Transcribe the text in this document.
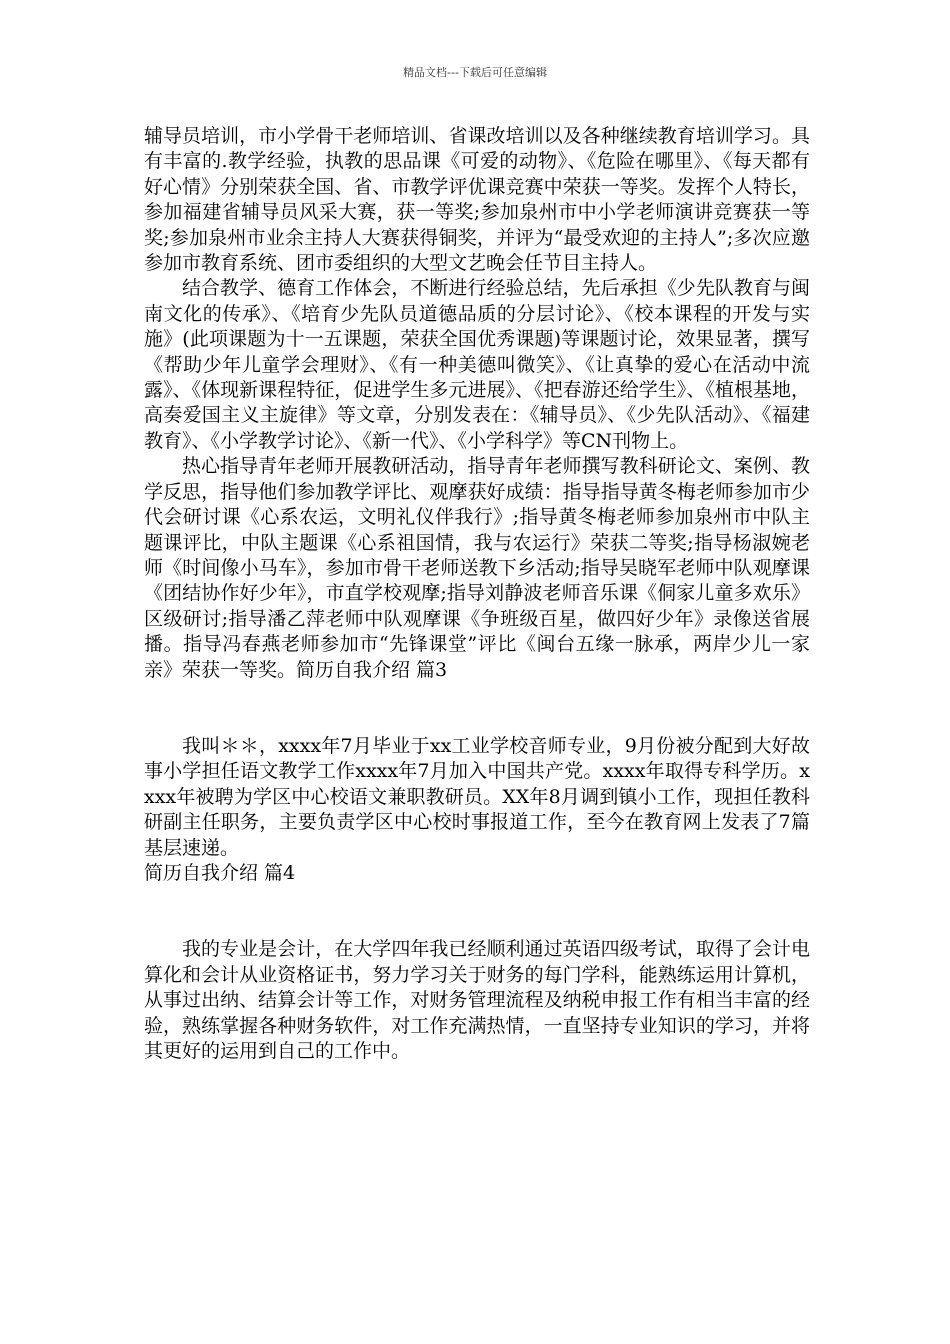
精品文档---下载后可任意编辑

辅导员培训，市小学骨干老师培训、省课改培训以及各种继续教育培训学习。具有丰富的.教学经验，执教的思品课《可爱的动物》、《危险在哪里》、《每天都有好心情》分别荣获全国、省、市教学评优课竞赛中荣获一等奖。发挥个人特长，参加福建省辅导员风采大赛，获一等奖;参加泉州市中小学老师演讲竞赛获一等奖;参加泉州市业余主持人大赛获得铜奖，并评为“最受欢迎的主持人”;多次应邀参加市教育系统、团市委组织的大型文艺晚会任节目主持人。

结合教学、德育工作体会，不断进行经验总结，先后承担《少先队教育与闽南文化的传承》、《培育少先队员道德品质的分层讨论》、《校本课程的开发与实施》(此项课题为十一五课题，荣获全国优秀课题)等课题讨论，效果显著，撰写《帮助少年儿童学会理财》、《有一种美德叫微笑》、《让真挚的爱心在活动中流露》、《体现新课程特征，促进学生多元进展》、《把春游还给学生》、《植根基地，高奏爱国主义主旋律》等文章，分别发表在：《辅导员》、《少先队活动》、《福建教育》、《小学教学讨论》、《新一代》、《小学科学》等CN刊物上。

热心指导青年老师开展教研活动，指导青年老师撰写教科研论文、案例、教学反思，指导他们参加教学评比、观摩获好成绩：指导指导黄冬梅老师参加市少代会研讨课《心系农运，文明礼仪伴我行》;指导黄冬梅老师参加泉州市中队主题课评比，中队主题课《心系祖国情，我与农运行》荣获二等奖;指导杨淑婉老师《时间像小马车》，参加市骨干老师送教下乡活动;指导吴晓军老师中队观摩课《团结协作好少年》，市直学校观摩;指导刘静波老师音乐课《侗家儿童多欢乐》区级研讨;指导潘乙萍老师中队观摩课《争班级百星，做四好少年》录像送省展播。指导冯春燕老师参加市“先锋课堂”评比《闽台五缘一脉承，两岸少儿一家亲》荣获一等奖。简历自我介绍 篇3

我叫＊＊，xxxx年7月毕业于xx工业学校音师专业，9月份被分配到大好故事小学担任语文教学工作xxxx年7月加入中国共产党。xxxx年取得专科学历。xxxx年被聘为学区中心校语文兼职教研员。XX年8月调到镇小工作，现担任教科研副主任职务，主要负责学区中心校时事报道工作，至今在教育网上发表了7篇基层速递。

简历自我介绍 篇4

我的专业是会计，在大学四年我已经顺利通过英语四级考试，取得了会计电算化和会计从业资格证书，努力学习关于财务的每门学科，能熟练运用计算机，从事过出纳、结算会计等工作，对财务管理流程及纳税申报工作有相当丰富的经验，熟练掌握各种财务软件，对工作充满热情，一直坚持专业知识的学习，并将其更好的运用到自己的工作中。
